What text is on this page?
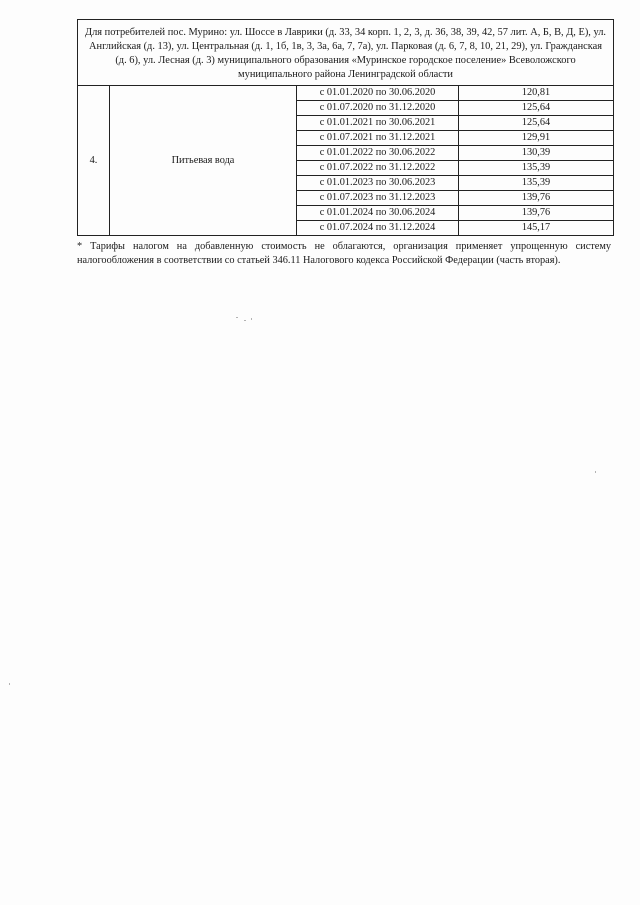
Для потребителей пос. Мурино: ул. Шоссе в Лаврики (д. 33, 34 корп. 1, 2, 3, д. 36, 38, 39, 42, 57 лит. А, Б, В, Д, Е), ул. Английская (д. 13), ул. Центральная (д. 1, 1б, 1в, 3, 3а, 6а, 7, 7а), ул. Парковая (д. 6, 7, 8, 10, 21, 29), ул. Гражданская (д. 6), ул. Лесная (д. 3) муниципального образования «Муринское городское поселение» Всеволожского муниципального района Ленинградской области			
4.	Питьевая вода	с 01.01.2020 по 30.06.2020	120,81
		с 01.07.2020 по 31.12.2020	125,64
		с 01.01.2021 по 30.06.2021	125,64
		с 01.07.2021 по 31.12.2021	129,91
		с 01.01.2022 по 30.06.2022	130,39
		с 01.07.2022 по 31.12.2022	135,39
		с 01.01.2023 по 30.06.2023	135,39
		с 01.07.2023 по 31.12.2023	139,76
		с 01.01.2024 по 30.06.2024	139,76
		с 01.07.2024 по 31.12.2024	145,17
* Тарифы налогом на добавленную стоимость не облагаются, организация применяет упрощенную систему налогообложения в соответствии со статьей 346.11 Налогового кодекса Российской Федерации (часть вторая).
